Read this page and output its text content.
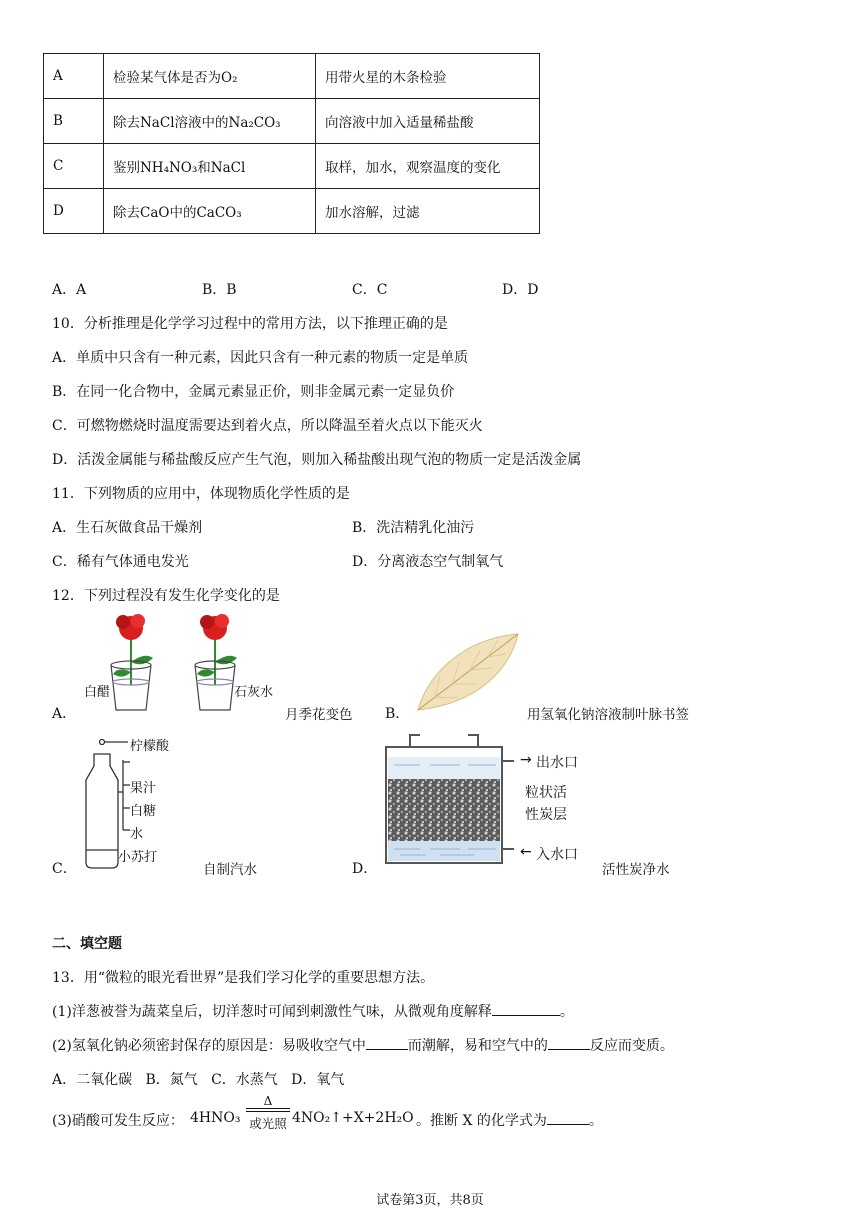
A	检验某气体是否为O₂	用带火星的木条检验
B	除去NaCl溶液中的Na₂CO₃	向溶液中加入适量稀盐酸
C	鉴别NH₄NO₃和NaCl	取样，加水，观察温度的变化
D	除去CaO中的CaCO₃	加水溶解，过滤
A．A	B．B	C．C	D．D
10．分析推理是化学学习过程中的常用方法，以下推理正确的是
A．单质中只含有一种元素，因此只含有一种元素的物质一定是单质
B．在同一化合物中，金属元素显正价，则非金属元素一定显负价
C．可燃物燃烧时温度需要达到着火点，所以降温至着火点以下能灭火
D．活泼金属能与稀盐酸反应产生气泡，则加入稀盐酸出现气泡的物质一定是活泼金属
11．下列物质的应用中，体现物质化学性质的是
A．生石灰做食品干燥剂	B．洗洁精乳化油污
C．稀有气体通电发光	D．分离液态空气制氧气
12．下列过程没有发生化学变化的是
A．
白醋	石灰水
月季花变色 B．	用氢氧化钠溶液制叶脉书签
C．
柠檬酸
果汁
白糖
水
小苏打
自制汽水	D．
→ 出水口
粒状活
性炭层
← 入水口
活性炭净水
二、填空题
13．用“微粒的眼光看世界”是我们学习化学的重要思想方法。
(1)洋葱被誉为蔬菜皇后，切洋葱时可闻到刺激性气味，从微观角度解释	。
(2)氢氧化钠必须密封保存的原因是：易吸收空气中	而潮解，易和空气中的	反应而变质。
A．二氧化碳   B．氮气   C．水蒸气   D．氧气
(3)硝酸可发生反应： 4HNO₃
Δ
或光照 4NO₂↑+X+2H₂O 。推断 X 的化学式为	。
试卷第3页，共8页
